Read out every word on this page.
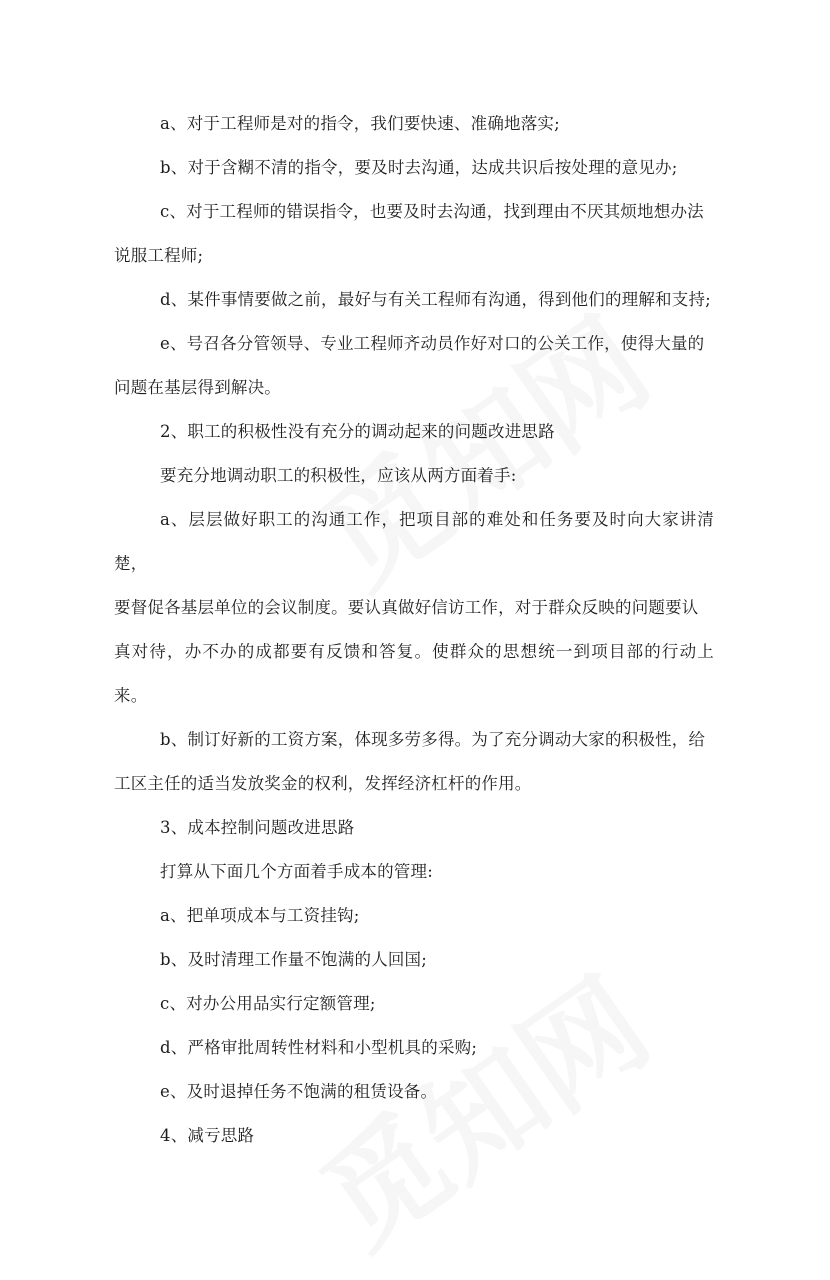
a、对于工程师是对的指令，我们要快速、准确地落实;

b、对于含糊不清的指令，要及时去沟通，达成共识后按处理的意见办;

c、对于工程师的错误指令，也要及时去沟通，找到理由不厌其烦地想办法

说服工程师;

d、某件事情要做之前，最好与有关工程师有沟通，得到他们的理解和支持;

e、号召各分管领导、专业工程师齐动员作好对口的公关工作，使得大量的

问题在基层得到解决。

2、职工的积极性没有充分的调动起来的问题改进思路

要充分地调动职工的积极性，应该从两方面着手:

a、层层做好职工的沟通工作，把项目部的难处和任务要及时向大家讲清楚，

要督促各基层单位的会议制度。要认真做好信访工作，对于群众反映的问题要认

真对待，办不办的成都要有反馈和答复。使群众的思想统一到项目部的行动上来。

b、制订好新的工资方案，体现多劳多得。为了充分调动大家的积极性，给

工区主任的适当发放奖金的权利，发挥经济杠杆的作用。

3、成本控制问题改进思路

打算从下面几个方面着手成本的管理:

a、把单项成本与工资挂钩;

b、及时清理工作量不饱满的人回国;

c、对办公用品实行定额管理;

d、严格审批周转性材料和小型机具的采购;

e、及时退掉任务不饱满的租赁设备。

4、减亏思路
